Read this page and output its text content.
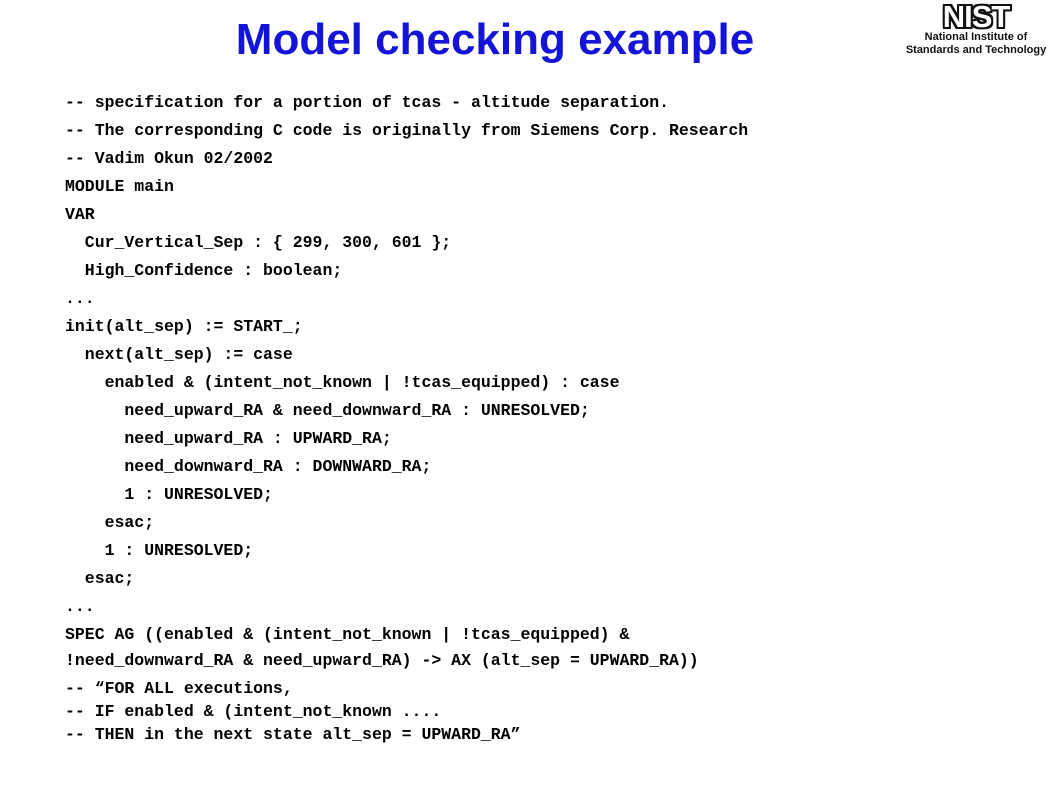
Model checking example	NIST
National Institute of
Standards and Technology
-- specification for a portion of tcas - altitude separation.
-- The corresponding C code is originally from Siemens Corp. Research
-- Vadim Okun 02/2002
MODULE main
VAR
Cur_Vertical_Sep : { 299, 300, 601 };
High_Confidence : boolean;
...
init(alt_sep) := START_;
next(alt_sep) := case
enabled & (intent_not_known | !tcas_equipped) : case
need_upward_RA & need_downward_RA : UNRESOLVED;
need_upward_RA : UPWARD_RA;
need_downward_RA : DOWNWARD_RA;
1 : UNRESOLVED;
esac;
1 : UNRESOLVED;
esac;
...
SPEC AG ((enabled & (intent_not_known | !tcas_equipped) &
!need_downward_RA & need_upward_RA) -> AX (alt_sep = UPWARD_RA))
-- “FOR ALL executions,
-- IF enabled & (intent_not_known ....
-- THEN in the next state alt_sep = UPWARD_RA”
